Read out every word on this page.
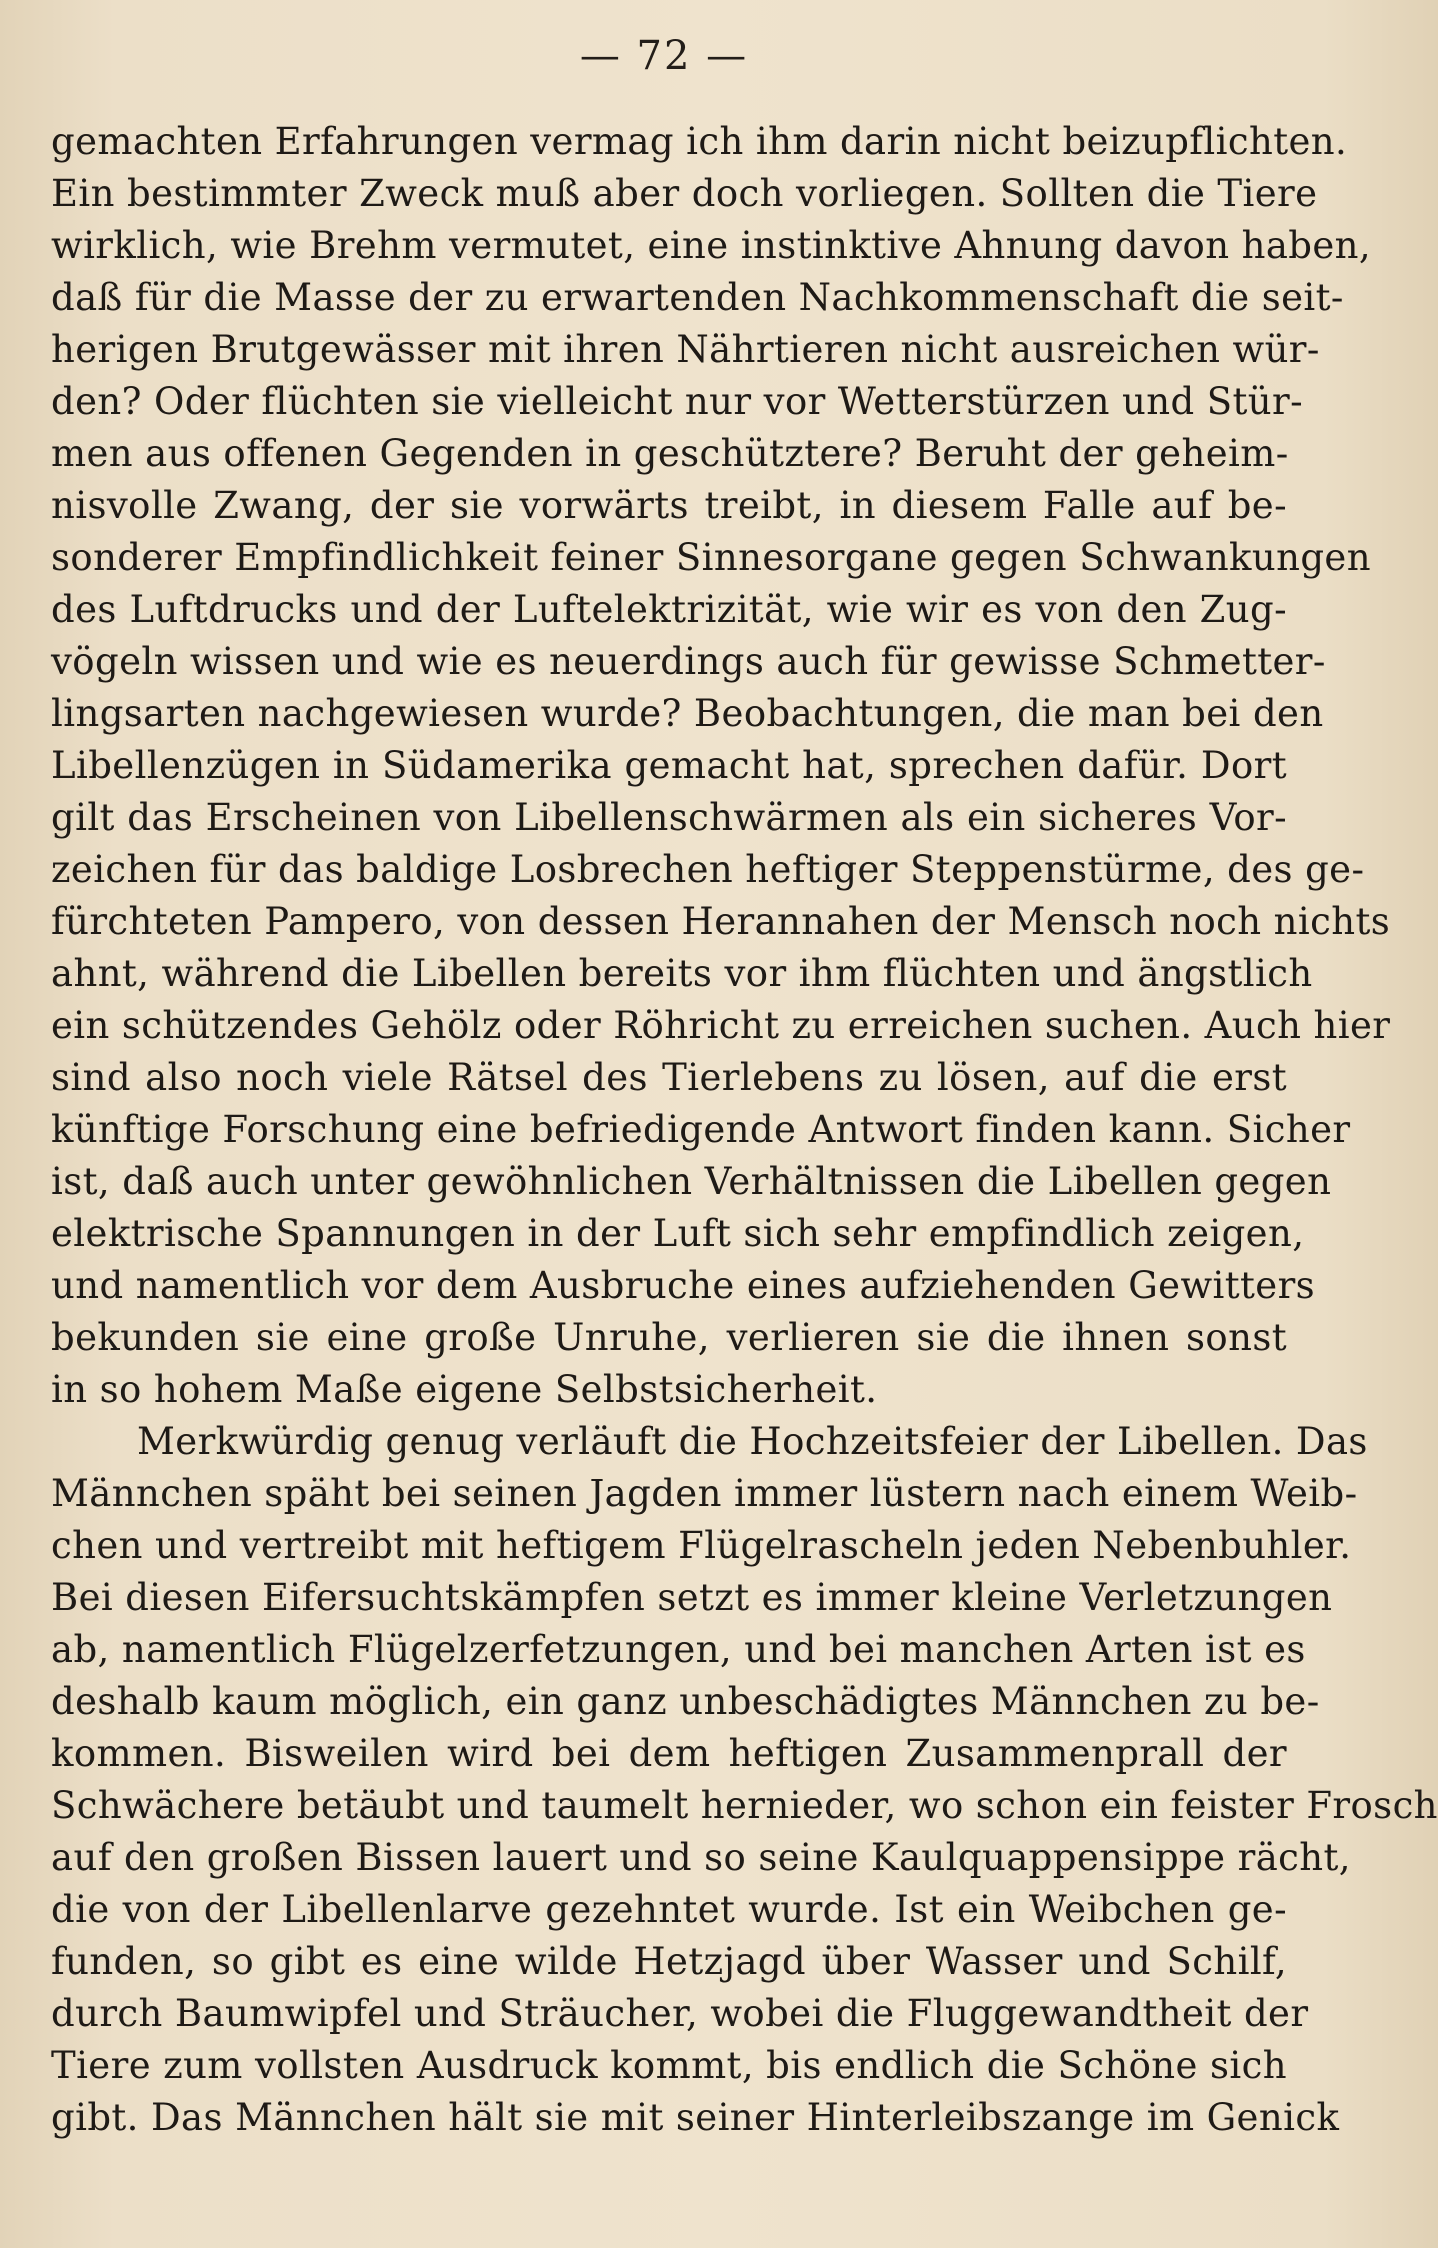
— 72 —
gemachten Erfahrungen vermag ich ihm darin nicht beizupflichten.
Ein bestimmter Zweck muß aber doch vorliegen. Sollten die Tiere
wirklich, wie Brehm vermutet, eine instinktive Ahnung davon haben,
daß für die Masse der zu erwartenden Nachkommenschaft die seit-
herigen Brutgewässer mit ihren Nährtieren nicht ausreichen wür-
den? Oder flüchten sie vielleicht nur vor Wetterstürzen und Stür-
men aus offenen Gegenden in geschütztere? Beruht der geheim-
nisvolle Zwang, der sie vorwärts treibt, in diesem Falle auf be-
sonderer Empfindlichkeit feiner Sinnesorgane gegen Schwankungen
des Luftdrucks und der Luftelektrizität, wie wir es von den Zug-
vögeln wissen und wie es neuerdings auch für gewisse Schmetter-
lingsarten nachgewiesen wurde? Beobachtungen, die man bei den
Libellenzügen in Südamerika gemacht hat, sprechen dafür. Dort
gilt das Erscheinen von Libellenschwärmen als ein sicheres Vor-
zeichen für das baldige Losbrechen heftiger Steppenstürme, des ge-
fürchteten Pampero, von dessen Herannahen der Mensch noch nichts
ahnt, während die Libellen bereits vor ihm flüchten und ängstlich
ein schützendes Gehölz oder Röhricht zu erreichen suchen. Auch hier
sind also noch viele Rätsel des Tierlebens zu lösen, auf die erst
künftige Forschung eine befriedigende Antwort finden kann. Sicher
ist, daß auch unter gewöhnlichen Verhältnissen die Libellen gegen
elektrische Spannungen in der Luft sich sehr empfindlich zeigen,
und namentlich vor dem Ausbruche eines aufziehenden Gewitters
bekunden sie eine große Unruhe, verlieren sie die ihnen sonst
in so hohem Maße eigene Selbstsicherheit.
Merkwürdig genug verläuft die Hochzeitsfeier der Libellen. Das
Männchen späht bei seinen Jagden immer lüstern nach einem Weib-
chen und vertreibt mit heftigem Flügelrascheln jeden Nebenbuhler.
Bei diesen Eifersuchtskämpfen setzt es immer kleine Verletzungen
ab, namentlich Flügelzerfetzungen, und bei manchen Arten ist es
deshalb kaum möglich, ein ganz unbeschädigtes Männchen zu be-
kommen. Bisweilen wird bei dem heftigen Zusammenprall der
Schwächere betäubt und taumelt hernieder, wo schon ein feister Frosch
auf den großen Bissen lauert und so seine Kaulquappensippe rächt,
die von der Libellenlarve gezehntet wurde. Ist ein Weibchen ge-
funden, so gibt es eine wilde Hetzjagd über Wasser und Schilf,
durch Baumwipfel und Sträucher, wobei die Fluggewandtheit der
Tiere zum vollsten Ausdruck kommt, bis endlich die Schöne sich
gibt. Das Männchen hält sie mit seiner Hinterleibszange im Genick
